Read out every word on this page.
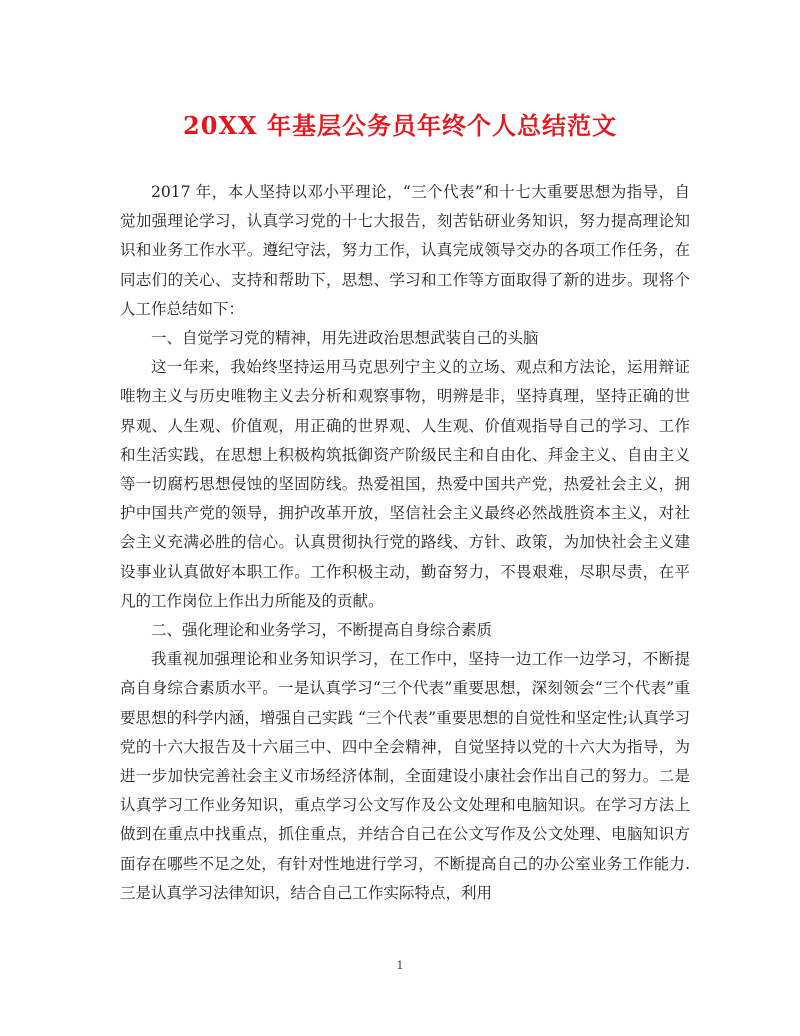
20XX 年基层公务员年终个人总结范文

2017 年，本人坚持以邓小平理论，“三个代表”和十七大重要思想为指导，自觉加强理论学习，认真学习党的十七大报告，刻苦钻研业务知识，努力提高理论知识和业务工作水平。遵纪守法，努力工作，认真完成领导交办的各项工作任务，在同志们的关心、支持和帮助下，思想、学习和工作等方面取得了新的进步。现将个人工作总结如下：

一、自觉学习党的精神，用先进政治思想武装自己的头脑

这一年来，我始终坚持运用马克思列宁主义的立场、观点和方法论，运用辩证唯物主义与历史唯物主义去分析和观察事物，明辨是非，坚持真理，坚持正确的世界观、人生观、价值观，用正确的世界观、人生观、价值观指导自己的学习、工作和生活实践，在思想上积极构筑抵御资产阶级民主和自由化、拜金主义、自由主义等一切腐朽思想侵蚀的坚固防线。热爱祖国，热爱中国共产党，热爱社会主义，拥护中国共产党的领导，拥护改革开放，坚信社会主义最终必然战胜资本主义，对社会主义充满必胜的信心。认真贯彻执行党的路线、方针、政策，为加快社会主义建设事业认真做好本职工作。工作积极主动，勤奋努力，不畏艰难，尽职尽责，在平凡的工作岗位上作出力所能及的贡献。

二、强化理论和业务学习，不断提高自身综合素质

我重视加强理论和业务知识学习，在工作中，坚持一边工作一边学习，不断提高自身综合素质水平。一是认真学习“三个代表”重要思想，深刻领会“三个代表”重要思想的科学内涵，增强自己实践 “三个代表”重要思想的自觉性和坚定性;认真学习党的十六大报告及十六届三中、四中全会精神，自觉坚持以党的十六大为指导，为进一步加快完善社会主义市场经济体制，全面建设小康社会作出自己的努力。二是认真学习工作业务知识，重点学习公文写作及公文处理和电脑知识。在学习方法上做到在重点中找重点，抓住重点，并结合自己在公文写作及公文处理、电脑知识方面存在哪些不足之处，有针对性地进行学习，不断提高自己的办公室业务工作能力.三是认真学习法律知识，结合自己工作实际特点，利用

1
